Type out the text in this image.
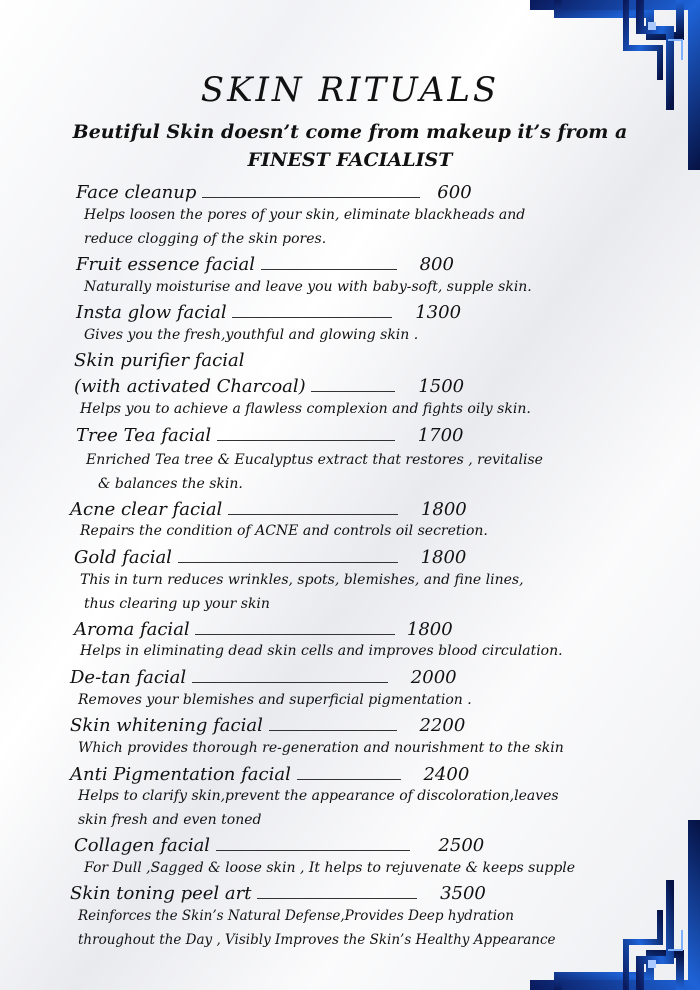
SKIN RITUALS
Beutiful Skin doesn’t come from makeup it’s from a
FINEST FACIALIST
Face cleanup	600
Helps loosen the pores of your skin, eliminate blackheads and
reduce clogging of the skin pores.
Fruit essence facial	800
Naturally moisturise and leave you with baby-soft, supple skin.
Insta glow facial	1300
Gives you the fresh,youthful and glowing skin .
Skin purifier facial
(with activated Charcoal)	1500
Helps you to achieve a flawless complexion and fights oily skin.
Tree Tea facial	1700
Enriched Tea tree & Eucalyptus extract that restores , revitalise
& balances the skin.
Acne clear facial	1800
Repairs the condition of ACNE and controls oil secretion.
Gold facial	1800
This in turn reduces wrinkles, spots, blemishes, and fine lines,
thus clearing up your skin
Aroma facial	1800
Helps in eliminating dead skin cells and improves blood circulation.
De-tan facial	2000
Removes your blemishes and superficial pigmentation .
Skin whitening facial	2200
Which provides thorough re-generation and nourishment to the skin
Anti Pigmentation facial	2400
Helps to clarify skin,prevent the appearance of discoloration,leaves
skin fresh and even toned
Collagen facial	2500
For Dull ,Sagged & loose skin , It helps to rejuvenate & keeps supple
Skin toning peel art	3500
Reinforces the Skin’s Natural Defense,Provides Deep hydration
throughout the Day , Visibly Improves the Skin’s Healthy Appearance
